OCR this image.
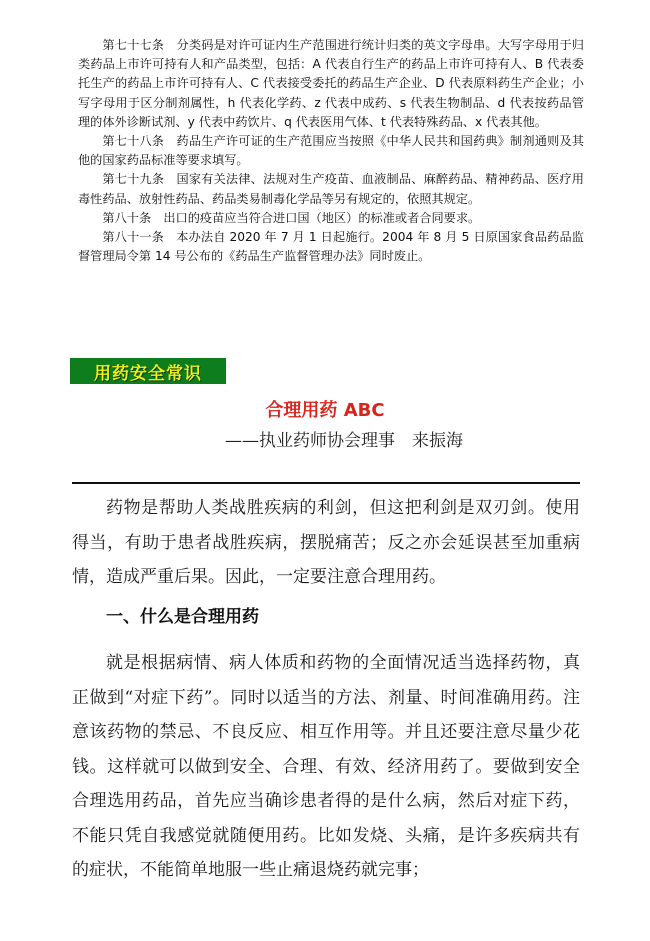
第七十七条　分类码是对许可证内生产范围进行统计归类的英文字母串。大写字母用于归类药品上市许可持有人和产品类型，包括：A 代表自行生产的药品上市许可持有人、B 代表委托生产的药品上市许可持有人、C 代表接受委托的药品生产企业、D 代表原料药生产企业；小写字母用于区分制剂属性，h 代表化学药、z 代表中成药、s 代表生物制品、d 代表按药品管理的体外诊断试剂、y 代表中药饮片、q 代表医用气体、t 代表特殊药品、x 代表其他。

第七十八条　药品生产许可证的生产范围应当按照《中华人民共和国药典》制剂通则及其他的国家药品标准等要求填写。

第七十九条　国家有关法律、法规对生产疫苗、血液制品、麻醉药品、精神药品、医疗用毒性药品、放射性药品、药品类易制毒化学品等另有规定的，依照其规定。

第八十条　出口的疫苗应当符合进口国（地区）的标准或者合同要求。

第八十一条　本办法自 2020 年 7 月 1 日起施行。2004 年 8 月 5 日原国家食品药品监督管理局令第 14 号公布的《药品生产监督管理办法》同时废止。

用药安全常识
合理用药 ABC
——执业药师协会理事　来振海

药物是帮助人类战胜疾病的利剑，但这把利剑是双刃剑。使用得当，有助于患者战胜疾病，摆脱痛苦；反之亦会延误甚至加重病情，造成严重后果。因此，一定要注意合理用药。

一、什么是合理用药

就是根据病情、病人体质和药物的全面情况适当选择药物，真正做到“对症下药”。同时以适当的方法、剂量、时间准确用药。注意该药物的禁忌、不良反应、相互作用等。并且还要注意尽量少花钱。这样就可以做到安全、合理、有效、经济用药了。要做到安全合理选用药品，首先应当确诊患者得的是什么病，然后对症下药，不能只凭自我感觉就随便用药。比如发烧、头痛，是许多疾病共有的症状，不能简单地服一些止痛退烧药就完事；
